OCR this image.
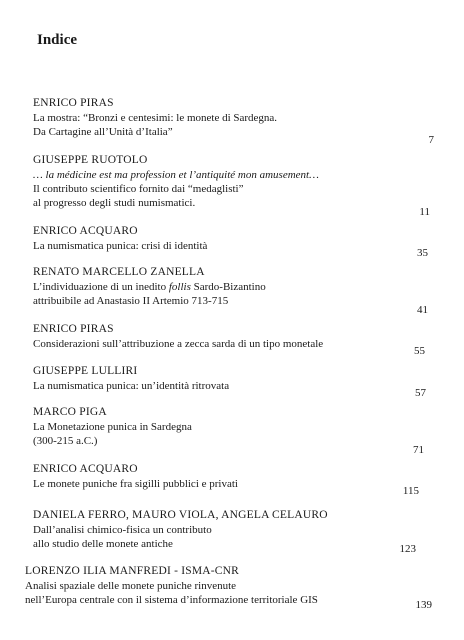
Indice
ENRICO PIRAS
La mostra: “Bronzi e centesimi: le monete di Sardegna.
Da Cartagine all’Unità d’Italia”
7
GIUSEPPE RUOTOLO
… la médicine est ma profession et l’antiquité mon amusement…
Il contributo scientifico fornito dai “medaglisti”
al progresso degli studi numismatici.
11
ENRICO ACQUARO
La numismatica punica: crisi di identità
35
RENATO MARCELLO ZANELLA
L’individuazione di un inedito follis Sardo-Bizantino
attribuibile ad Anastasio II Artemio 713-715
41
ENRICO PIRAS
Considerazioni sull’attribuzione a zecca sarda di un tipo monetale
55
GIUSEPPE LULLIRI
La numismatica punica: un’identità ritrovata
57
MARCO PIGA
La Monetazione punica in Sardegna
(300-215 a.C.)
71
ENRICO ACQUARO
Le monete puniche fra sigilli pubblici e privati
115
DANIELA FERRO, MAURO VIOLA, ANGELA CELAURO
Dall’analisi chimico-fisica un contributo
allo studio delle monete antiche	123
LORENZO ILIA MANFREDI - ISMA-CNR
Analisi spaziale delle monete puniche rinvenute
nell’Europa centrale con il sistema d’informazione territoriale GIS	139
